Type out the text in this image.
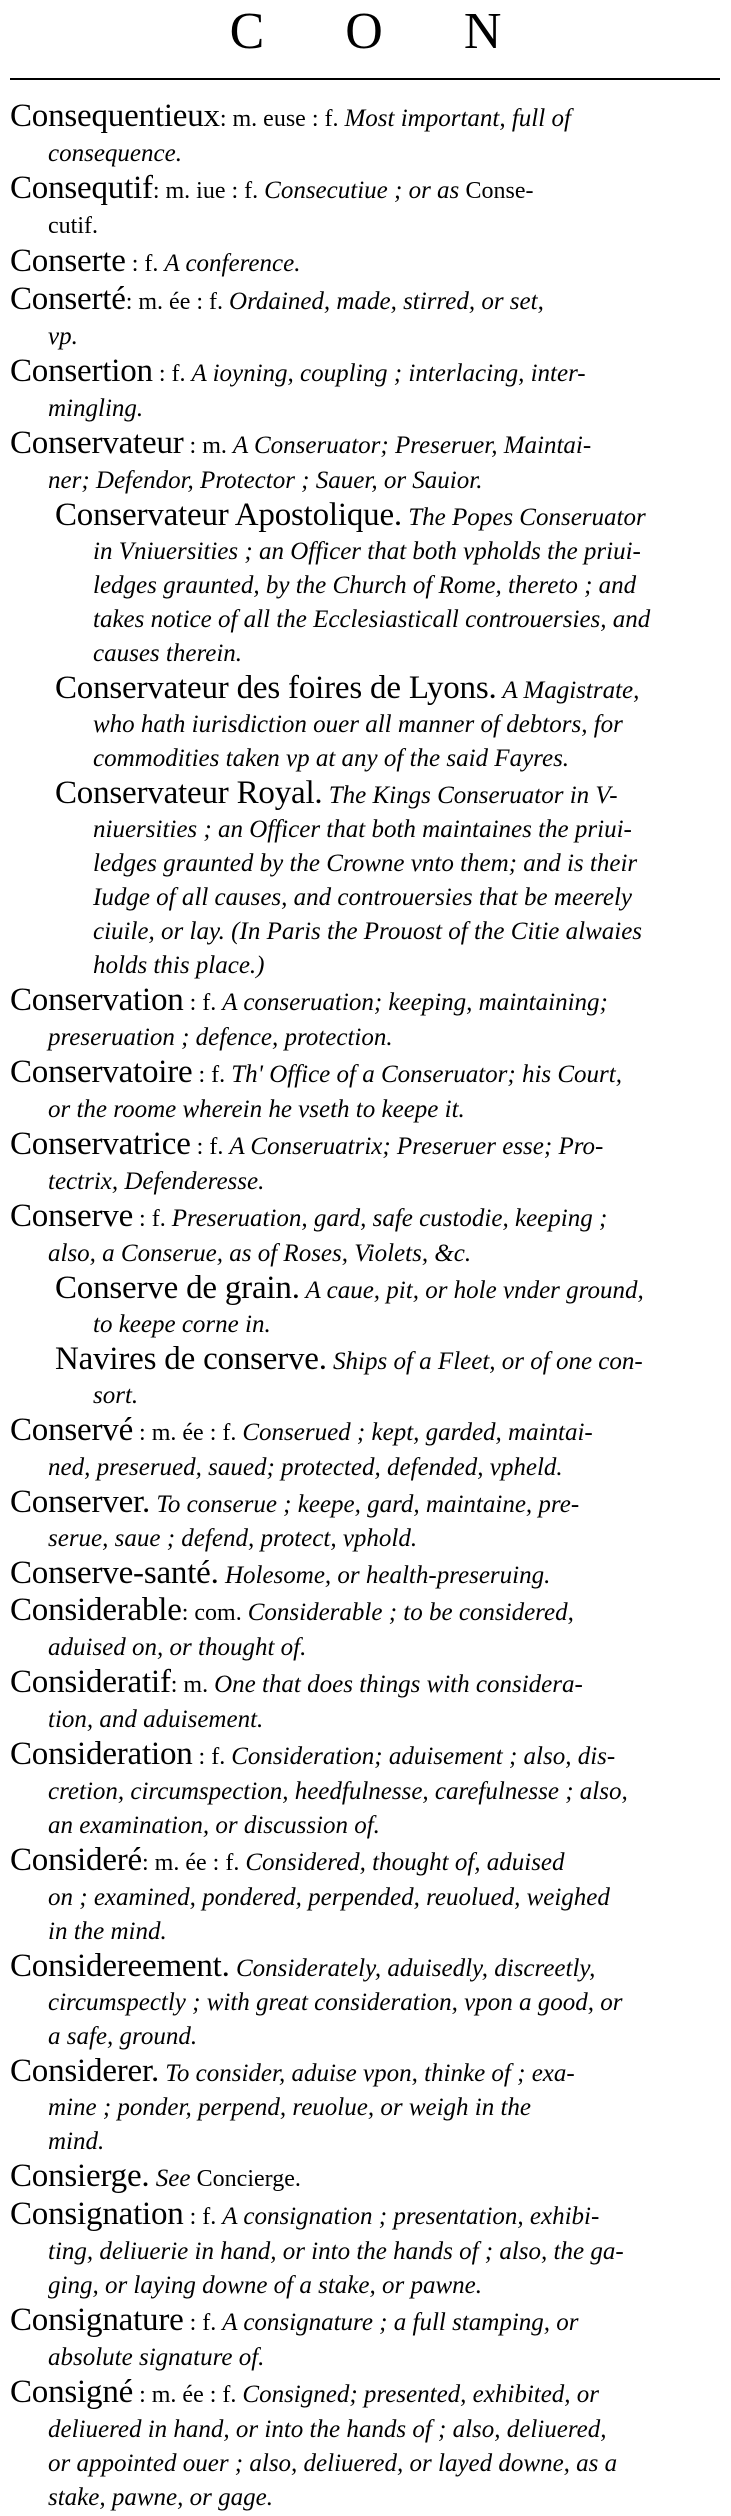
C O N
Consequentieux: m. euse : f. Most important, full of
consequence.
Consequtif: m. iue : f. Consecutiue ; or as Conse-
cutif.
Conserte : f. A conference.
Conserté: m. ée : f. Ordained, made, stirred, or set,
vp.
Consertion : f. A ioyning, coupling ; interlacing, inter-
mingling.
Conservateur : m. A Conseruator; Preseruer, Maintai-
ner; Defendor, Protector ; Sauer, or Sauior.
Conservateur Apostolique. The Popes Conseruator
in Vniuersities ; an Officer that both vpholds the priui-
ledges graunted, by the Church of Rome, thereto ; and
takes notice of all the Ecclesiasticall controuersies, and
causes therein.
Conservateur des foires de Lyons. A Magistrate,
who hath iurisdiction ouer all manner of debtors, for
commodities taken vp at any of the said Fayres.
Conservateur Royal. The Kings Conseruator in V-
niuersities ; an Officer that both maintaines the priui-
ledges graunted by the Crowne vnto them; and is their
Iudge of all causes, and controuersies that be meerely
ciuile, or lay. (In Paris the Prouost of the Citie alwaies
holds this place.)
Conservation : f. A conseruation; keeping, maintaining;
preseruation ; defence, protection.
Conservatoire : f. Th' Office of a Conseruator; his Court,
or the roome wherein he vseth to keepe it.
Conservatrice : f. A Conseruatrix; Preseruer esse; Pro-
tectrix, Defenderesse.
Conserve : f. Preseruation, gard, safe custodie, keeping ;
also, a Conserue, as of Roses, Violets, &c.
Conserve de grain. A caue, pit, or hole vnder ground,
to keepe corne in.
Navires de conserve. Ships of a Fleet, or of one con-
sort.
Conservé : m. ée : f. Conserued ; kept, garded, maintai-
ned, preserued, saued; protected, defended, vpheld.
Conserver. To conserue ; keepe, gard, maintaine, pre-
serue, saue ; defend, protect, vphold.
Conserve-santé. Holesome, or health-preseruing.
Considerable: com. Considerable ; to be considered,
aduised on, or thought of.
Consideratif: m. One that does things with considera-
tion, and aduisement.
Consideration : f. Consideration; aduisement ; also, dis-
cretion, circumspection, heedfulnesse, carefulnesse ; also,
an examination, or discussion of.
Consideré: m. ée : f. Considered, thought of, aduised
on ; examined, pondered, perpended, reuolued, weighed
in the mind.
Considereement. Considerately, aduisedly, discreetly,
circumspectly ; with great consideration, vpon a good, or
a safe, ground.
Considerer. To consider, aduise vpon, thinke of ; exa-
mine ; ponder, perpend, reuolue, or weigh in the
mind.
Consierge. See Concierge.
Consignation : f. A consignation ; presentation, exhibi-
ting, deliuerie in hand, or into the hands of ; also, the ga-
ging, or laying downe of a stake, or pawne.
Consignature : f. A consignature ; a full stamping, or
absolute signature of.
Consigné : m. ée : f. Consigned; presented, exhibited, or
deliuered in hand, or into the hands of ; also, deliuered,
or appointed ouer ; also, deliuered, or layed downe, as a
stake, pawne, or gage.
